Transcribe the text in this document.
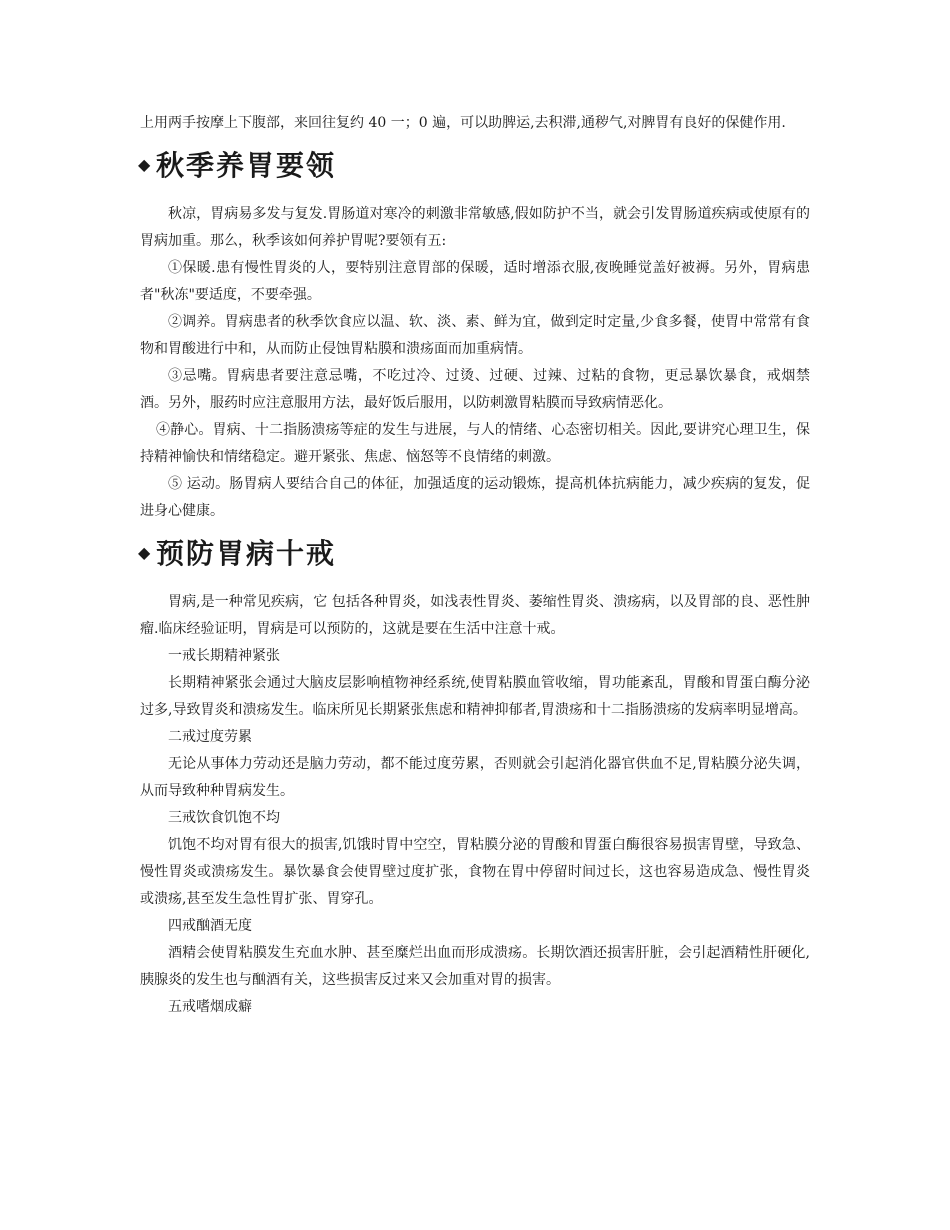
上用两手按摩上下腹部，来回往复约 40 一；0 遍，可以助脾运,去积滞,通秽气,对脾胃有良好的保健作用.

◆ 秋季养胃要领

秋凉，胃病易多发与复发.胃肠道对寒冷的刺激非常敏感,假如防护不当，就会引发胃肠道疾病或使原有的胃病加重。那么，秋季该如何养护胃呢?要领有五:

①保暖.患有慢性胃炎的人，要特别注意胃部的保暖，适时增添衣服,夜晚睡觉盖好被褥。另外，胃病患者"秋冻"要适度，不要牵强。

②调养。胃病患者的秋季饮食应以温、软、淡、素、鲜为宜，做到定时定量,少食多餐，使胃中常常有食物和胃酸进行中和，从而防止侵蚀胃粘膜和溃疡面而加重病情。

③忌嘴。胃病患者要注意忌嘴，不吃过冷、过烫、过硬、过辣、过粘的食物，更忌暴饮暴食，戒烟禁酒。另外，服药时应注意服用方法，最好饭后服用，以防刺激胃粘膜而导致病情恶化。

④静心。胃病、十二指肠溃疡等症的发生与进展，与人的情绪、心态密切相关。因此,要讲究心理卫生，保持精神愉快和情绪稳定。避开紧张、焦虑、恼怒等不良情绪的刺激。

⑤ 运动。肠胃病人要结合自己的体征，加强适度的运动锻炼，提高机体抗病能力，减少疾病的复发，促进身心健康。

◆ 预防胃病十戒

胃病,是一种常见疾病，它 包括各种胃炎，如浅表性胃炎、萎缩性胃炎、溃疡病，以及胃部的良、恶性肿瘤.临床经验证明，胃病是可以预防的，这就是要在生活中注意十戒。

一戒长期精神紧张

长期精神紧张会通过大脑皮层影响植物神经系统,使胃粘膜血管收缩，胃功能紊乱，胃酸和胃蛋白酶分泌过多,导致胃炎和溃疡发生。临床所见长期紧张焦虑和精神抑郁者,胃溃疡和十二指肠溃疡的发病率明显增高。

二戒过度劳累

无论从事体力劳动还是脑力劳动，都不能过度劳累，否则就会引起消化器官供血不足,胃粘膜分泌失调，从而导致种种胃病发生。

三戒饮食饥饱不均

饥饱不均对胃有很大的损害,饥饿时胃中空空，胃粘膜分泌的胃酸和胃蛋白酶很容易损害胃壁，导致急、慢性胃炎或溃疡发生。暴饮暴食会使胃壁过度扩张，食物在胃中停留时间过长，这也容易造成急、慢性胃炎或溃疡,甚至发生急性胃扩张、胃穿孔。

四戒酗酒无度

酒精会使胃粘膜发生充血水肿、甚至糜烂出血而形成溃疡。长期饮酒还损害肝脏，会引起酒精性肝硬化,胰腺炎的发生也与酗酒有关，这些损害反过来又会加重对胃的损害。

五戒嗜烟成癖
